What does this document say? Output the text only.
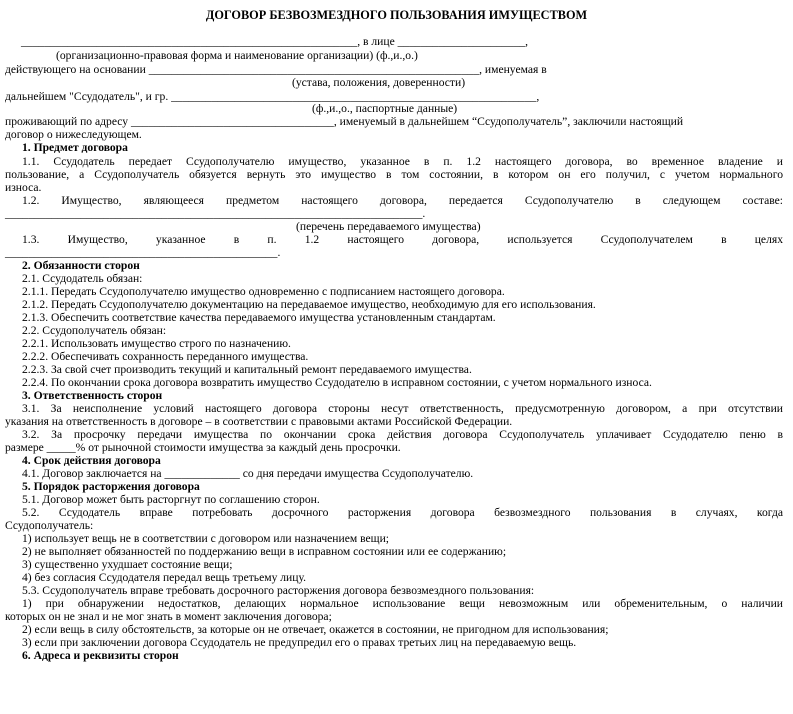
ДОГОВОР БЕЗВОЗМЕЗДНОГО ПОЛЬЗОВАНИЯ ИМУЩЕСТВОМ
__________________________________________________________, в лице ______________________,
(организационно-правовая форма и наименование организации) (ф.,и.,о.)
действующего на основании _________________________________________________________, именуемая в
(устава, положения, доверенности)
дальнейшем "Ссудодатель", и гр. _______________________________________________________________,
(ф.,и.,о., паспортные данные)
проживающий по адресу ___________________________________, именуемый в дальнейшем “Ссудополучатель”, заключили настоящий
договор о нижеследующем.
1. Предмет договора
1.1. Ссудодатель передает Ссудополучателю имущество, указанное в п. 1.2 настоящего договора, во временное владение и
пользование, а Ссудополучатель обязуется вернуть это имущество в том состоянии, в котором он его получил, с учетом нормального
износа.
1.2. Имущество, являющееся предметом настоящего договора, передается Ссудополучателю в следующем составе:
________________________________________________________________________.
(перечень передаваемого имущества)
1.3. Имущество, указанное в п. 1.2 настоящего договора, используется Ссудополучателем в целях
_______________________________________________.
2. Обязанности сторон
2.1. Ссудодатель обязан:
2.1.1. Передать Ссудополучателю имущество одновременно с подписанием настоящего договора.
2.1.2. Передать Ссудополучателю документацию на передаваемое имущество, необходимую для его использования.
2.1.3. Обеспечить соответствие качества передаваемого имущества установленным стандартам.
2.2. Ссудополучатель обязан:
2.2.1. Использовать имущество строго по назначению.
2.2.2. Обеспечивать сохранность переданного имущества.
2.2.3. За свой счет производить текущий и капитальный ремонт передаваемого имущества.
2.2.4. По окончании срока договора возвратить имущество Ссудодателю в исправном состоянии, с учетом нормального износа.
3. Ответственность сторон
3.1. За неисполнение условий настоящего договора стороны несут ответственность, предусмотренную договором, а при отсутствии
указания на ответственность в договоре – в соответствии с правовыми актами Российской Федерации.
3.2. За просрочку передачи имущества по окончании срока действия договора Ссудополучатель уплачивает Ссудодателю пеню в
размере _____% от рыночной стоимости имущества за каждый день просрочки.
4. Срок действия договора
4.1. Договор заключается на _____________ со дня передачи имущества Ссудополучателю.
5. Порядок расторжения договора
5.1. Договор может быть расторгнут по соглашению сторон.
5.2. Ссудодатель вправе потребовать досрочного расторжения договора безвозмездного пользования в случаях, когда
Ссудополучатель:
1) использует вещь не в соответствии с договором или назначением вещи;
2) не выполняет обязанностей по поддержанию вещи в исправном состоянии или ее содержанию;
3) существенно ухудшает состояние вещи;
4) без согласия Ссудодателя передал вещь третьему лицу.
5.3. Ссудополучатель вправе требовать досрочного расторжения договора безвозмездного пользования:
1) при обнаружении недостатков, делающих нормальное использование вещи невозможным или обременительным, о наличии
которых он не знал и не мог знать в момент заключения договора;
2) если вещь в силу обстоятельств, за которые он не отвечает, окажется в состоянии, не пригодном для использования;
3) если при заключении договора Ссудодатель не предупредил его о правах третьих лиц на передаваемую вещь.
6. Адреса и реквизиты сторон
